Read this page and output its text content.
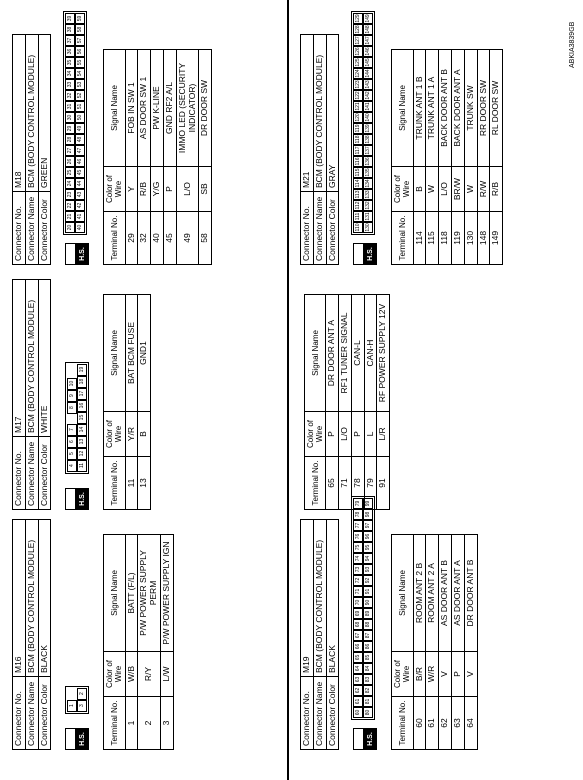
Connector No.	M16
Connector Name	BCM (BODY CONTROL MODULE)
Connector Color	BLACK
H.S.

1 3
2
Terminal No.	Color of Wire	Signal Name
1	W/B	BATT (F/L)
2	R/Y	P/W POWER SUPPLY PERM
3	L/W	P/W POWER SUPPLY IGN
Connector No.	M17
Connector Name	BCM (BODY CONTROL MODULE)
Connector Color	WHITE
H.S.

4
5
6
7
8
9
10
11
12
13
14
15
16
17
18
19
Terminal No.	Color of Wire	Signal Name
11	Y/R	BAT BCM FUSE
13	B	GND1
Connector No.	M18
Connector Name	BCM (BODY CONTROL MODULE)
Connector Color	GREEN
H.S.
20
21
22
23
24
25
26
27
28
29
30
31
32
33
34
35
36
37
38
39
40
41
42
43
44
45
46
47
48
49
50
51
52
53
54
55
56
57
58
59
Terminal No.	Color of Wire	Signal Name
29	Y	FOB IN SW 1
32	R/B	AS DOOR SW 1
40	Y/G	PW K-LINE
45	P	GND RF2 A/L
49	L/O	IMMO LED (SECURITY INDICATOR)
58	SB	DR DOOR SW
Connector No.	M19
Connector Name	BCM (BODY CONTROL MODULE)
Connector Color	BLACK
H.S.
60
61
62
63
64
65
66
67
68
69
70
71
72
73
74
75
76
77
78
79
80
81
82
83
84
85
86
87
88
89
90
91
92
93
94
95
96
97
98
99
Terminal No.	Color of Wire	Signal Name
60	B/R	ROOM ANT 2 B
61	W/R	ROOM ANT 2 A
62	V	AS DOOR ANT B
63	P	AS DOOR ANT A
64	V	DR DOOR ANT B
Terminal No.	Color of Wire	Signal Name
65	P	DR DOOR ANT A
71	L/O	RF1 TUNER SIGNAL
78	P	CAN-L
79	L	CAN-H
91	L/R	RF POWER SUPPLY 12V
Connector No.	M21
Connector Name	BCM (BODY CONTROL MODULE)
Connector Color	GRAY
H.S.
110
111
112
113
114
115
116
117
118
119
120
121
122
123
124
125
126
127
128
129
130
131
132
133
134
135
136
137
138
139
140
141
142
143
144
145
146
147
148
149
Terminal No.	Color of Wire	Signal Name
114	B	TRUNK ANT 1 B
115	W	TRUNK ANT 1 A
118	L/O	BACK DOOR ANT B
119	BR/W	BACK DOOR ANT A
130	W	TRUNK SW
148	R/W	RR DOOR SW
149	R/B	RL DOOR SW
ABKIA3839GB
